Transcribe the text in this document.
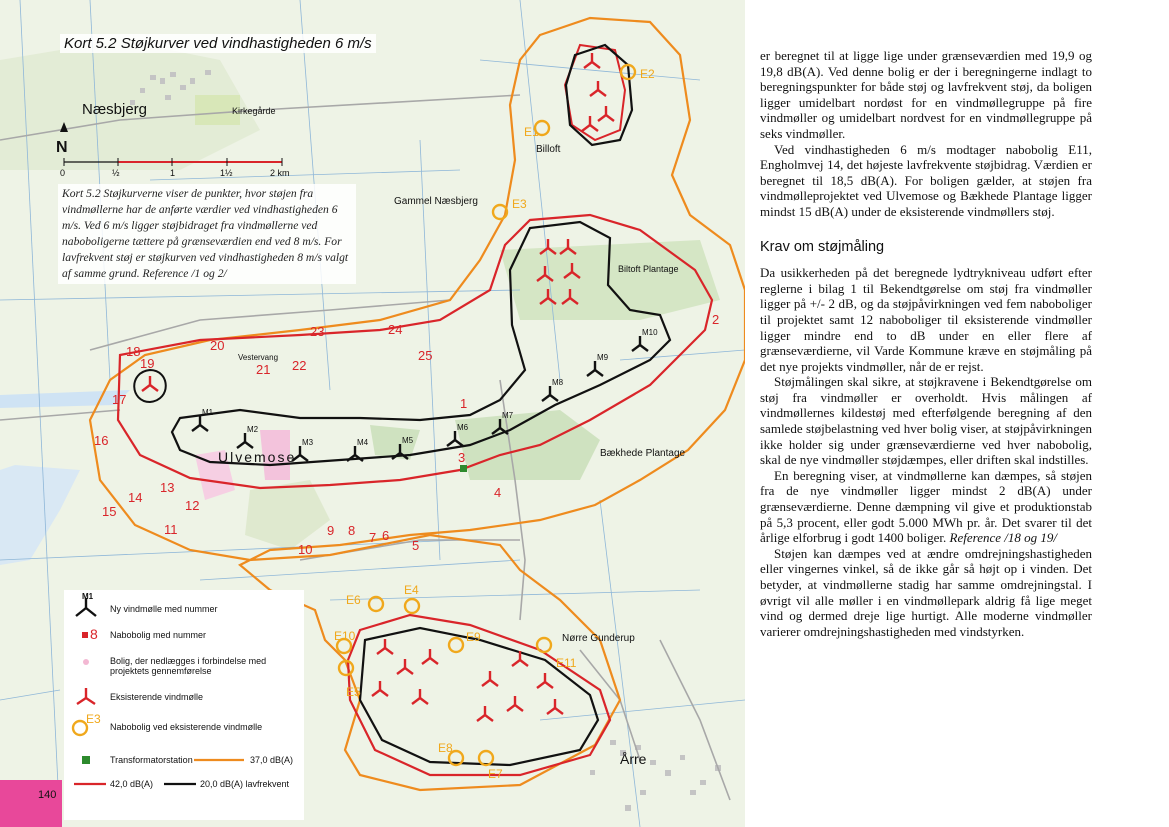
Næsbjerg	Kirkegårde
Gammel Næsbjerg
Billoft
Biltoft Plantage
Ulvemose	Bækhede Plantage
Nørre Gunderup
Årre
Vestervang
N
0	½	1	1½	2 km
M1
M2
M3	M4	M5
M6
M7
M8
M9
M10
1
2
3
4
5
6
7
8
9
10
11
12
13
14
15
16
17
18
19
20
21 22
23	24
25
E1
E2
E3
E4
E5
E6
E7
E8
E9
E10
E11
Kort 5.2 Støjkurver ved vindhastigheden 6 m/s
Kort 5.2 Støjkurverne viser de punkter, hvor støjen fra vindmøllerne har de anførte værdier ved vindhastigheden 6 m/s. Ved 6 m/s ligger støjbidraget fra vindmøllerne ved naboboligerne tættere på grænseværdien end ved 8 m/s. For lavfrekvent støj er støjkurven ved vindhastigheden 8 m/s valgt af samme grund. Reference /1 og 2/
M1
Ny vindmølle med nummer
8 Nabobolig med nummer
Bolig, der nedlægges i forbindelse med projektets gennemførelse
Eksisterende vindmølle
E3
Nabobolig ved eksisterende vindmølle
Transformatorstation	37,0 dB(A)
42,0 dB(A)	20,0 dB(A) lavfrekvent
140

er beregnet til at ligge lige under grænseværdien med 19,9 og 19,8 dB(A). Ved denne bolig er der i beregningerne indlagt to beregningspunkter for både støj og lavfrekvent støj, da boligen ligger umidelbart nordøst for en vindmøllegruppe på fire vindmøller og umidelbart nordvest for en vindmøllegruppe på seks vindmøller.

Ved vindhastigheden 6 m/s modtager nabobolig E11, Engholmvej 14, det højeste lavfrekvente støjbidrag. Værdien er beregnet til 18,5 dB(A). For boligen gælder, at støjen fra vindmølleprojektet ved Ulvemose og Bækhede Plantage ligger mindst 15 dB(A) under de eksisterende vindmøllers støj.

Krav om støjmåling

Da usikkerheden på det beregnede lydtrykniveau udført efter reglerne i bilag 1 til Bekendtgørelse om støj fra vindmøller ligger på +/- 2 dB, og da støjpåvirkningen ved fem naboboliger til projektet samt 12 naboboliger til eksisterende vindmøller ligger mindre end to dB under en eller flere af grænseværdierne, vil Varde Kommune kræve en støjmåling på det nye projekts vindmøller, når de er rejst.

Støjmålingen skal sikre, at støjkravene i Bekendtgørelse om støj fra vindmøller er overholdt. Hvis målingen af vindmøllernes kildestøj med efterfølgende beregning af den samlede støjbelastning ved hver bolig viser, at støjpåvirkningen ikke holder sig under grænseværdierne ved hver nabobolig, skal de nye vindmøller støjdæmpes, eller driften skal indstilles.

En beregning viser, at vindmøllerne kan dæmpes, så støjen fra de nye vindmøller ligger mindst 2 dB(A) under grænseværdierne. Denne dæmpning vil give et produktionstab på 5,3 procent, eller godt 5.000 MWh pr. år. Det svarer til det årlige elforbrug i godt 1400 boliger. Reference /18 og 19/

Støjen kan dæmpes ved at ændre omdrejningshastigheden eller vingernes vinkel, så de ikke går så højt op i vinden. Det betyder, at vindmøllerne stadig har samme omdrejningstal. I øvrigt vil alle møller i en vindmøllepark aldrig få lige meget vind og dermed dreje lige hurtigt. Alle moderne vindmøller varierer omdrejningshastigheden med vindstyrken.
